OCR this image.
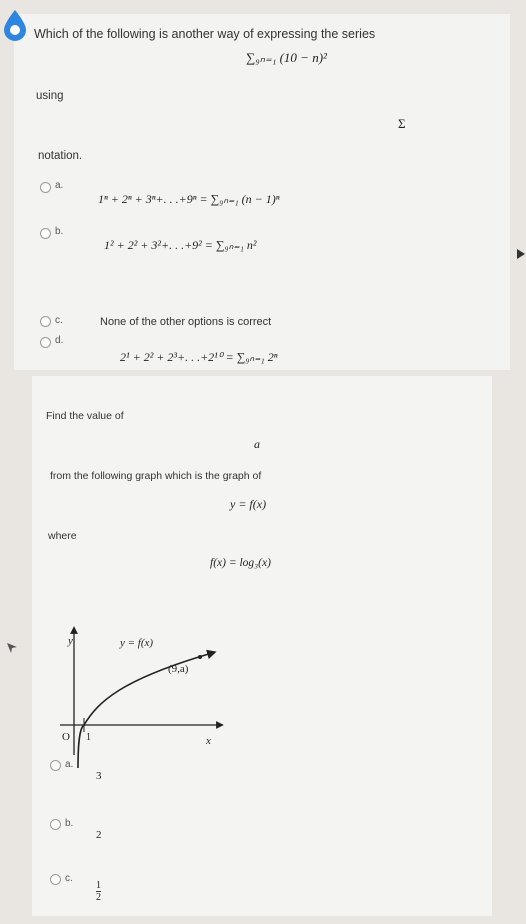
Which of the following is another way of expressing the series
∑₉ₙ₌₁ (10 − n)²
using
Σ
notation.
a.
1ⁿ + 2ⁿ + 3ⁿ+. . .+9ⁿ = ∑₉ₙ₌₁ (n − 1)ⁿ
b.
1² + 2² + 3²+. . .+9² = ∑₉ₙ₌₁ n²
c.	None of the other options is correct
d.
2¹ + 2² + 2³+. . .+2¹⁰ = ∑₉ₙ₌₁ 2ⁿ
Find the value of
a
from the following graph which is the graph of
y = f(x)
where
f(x) = log₃(x)
y
x
y = f(x)
(9,a)
O 1
a.
3
b.
2
c.
$\frac{1}{2}$
